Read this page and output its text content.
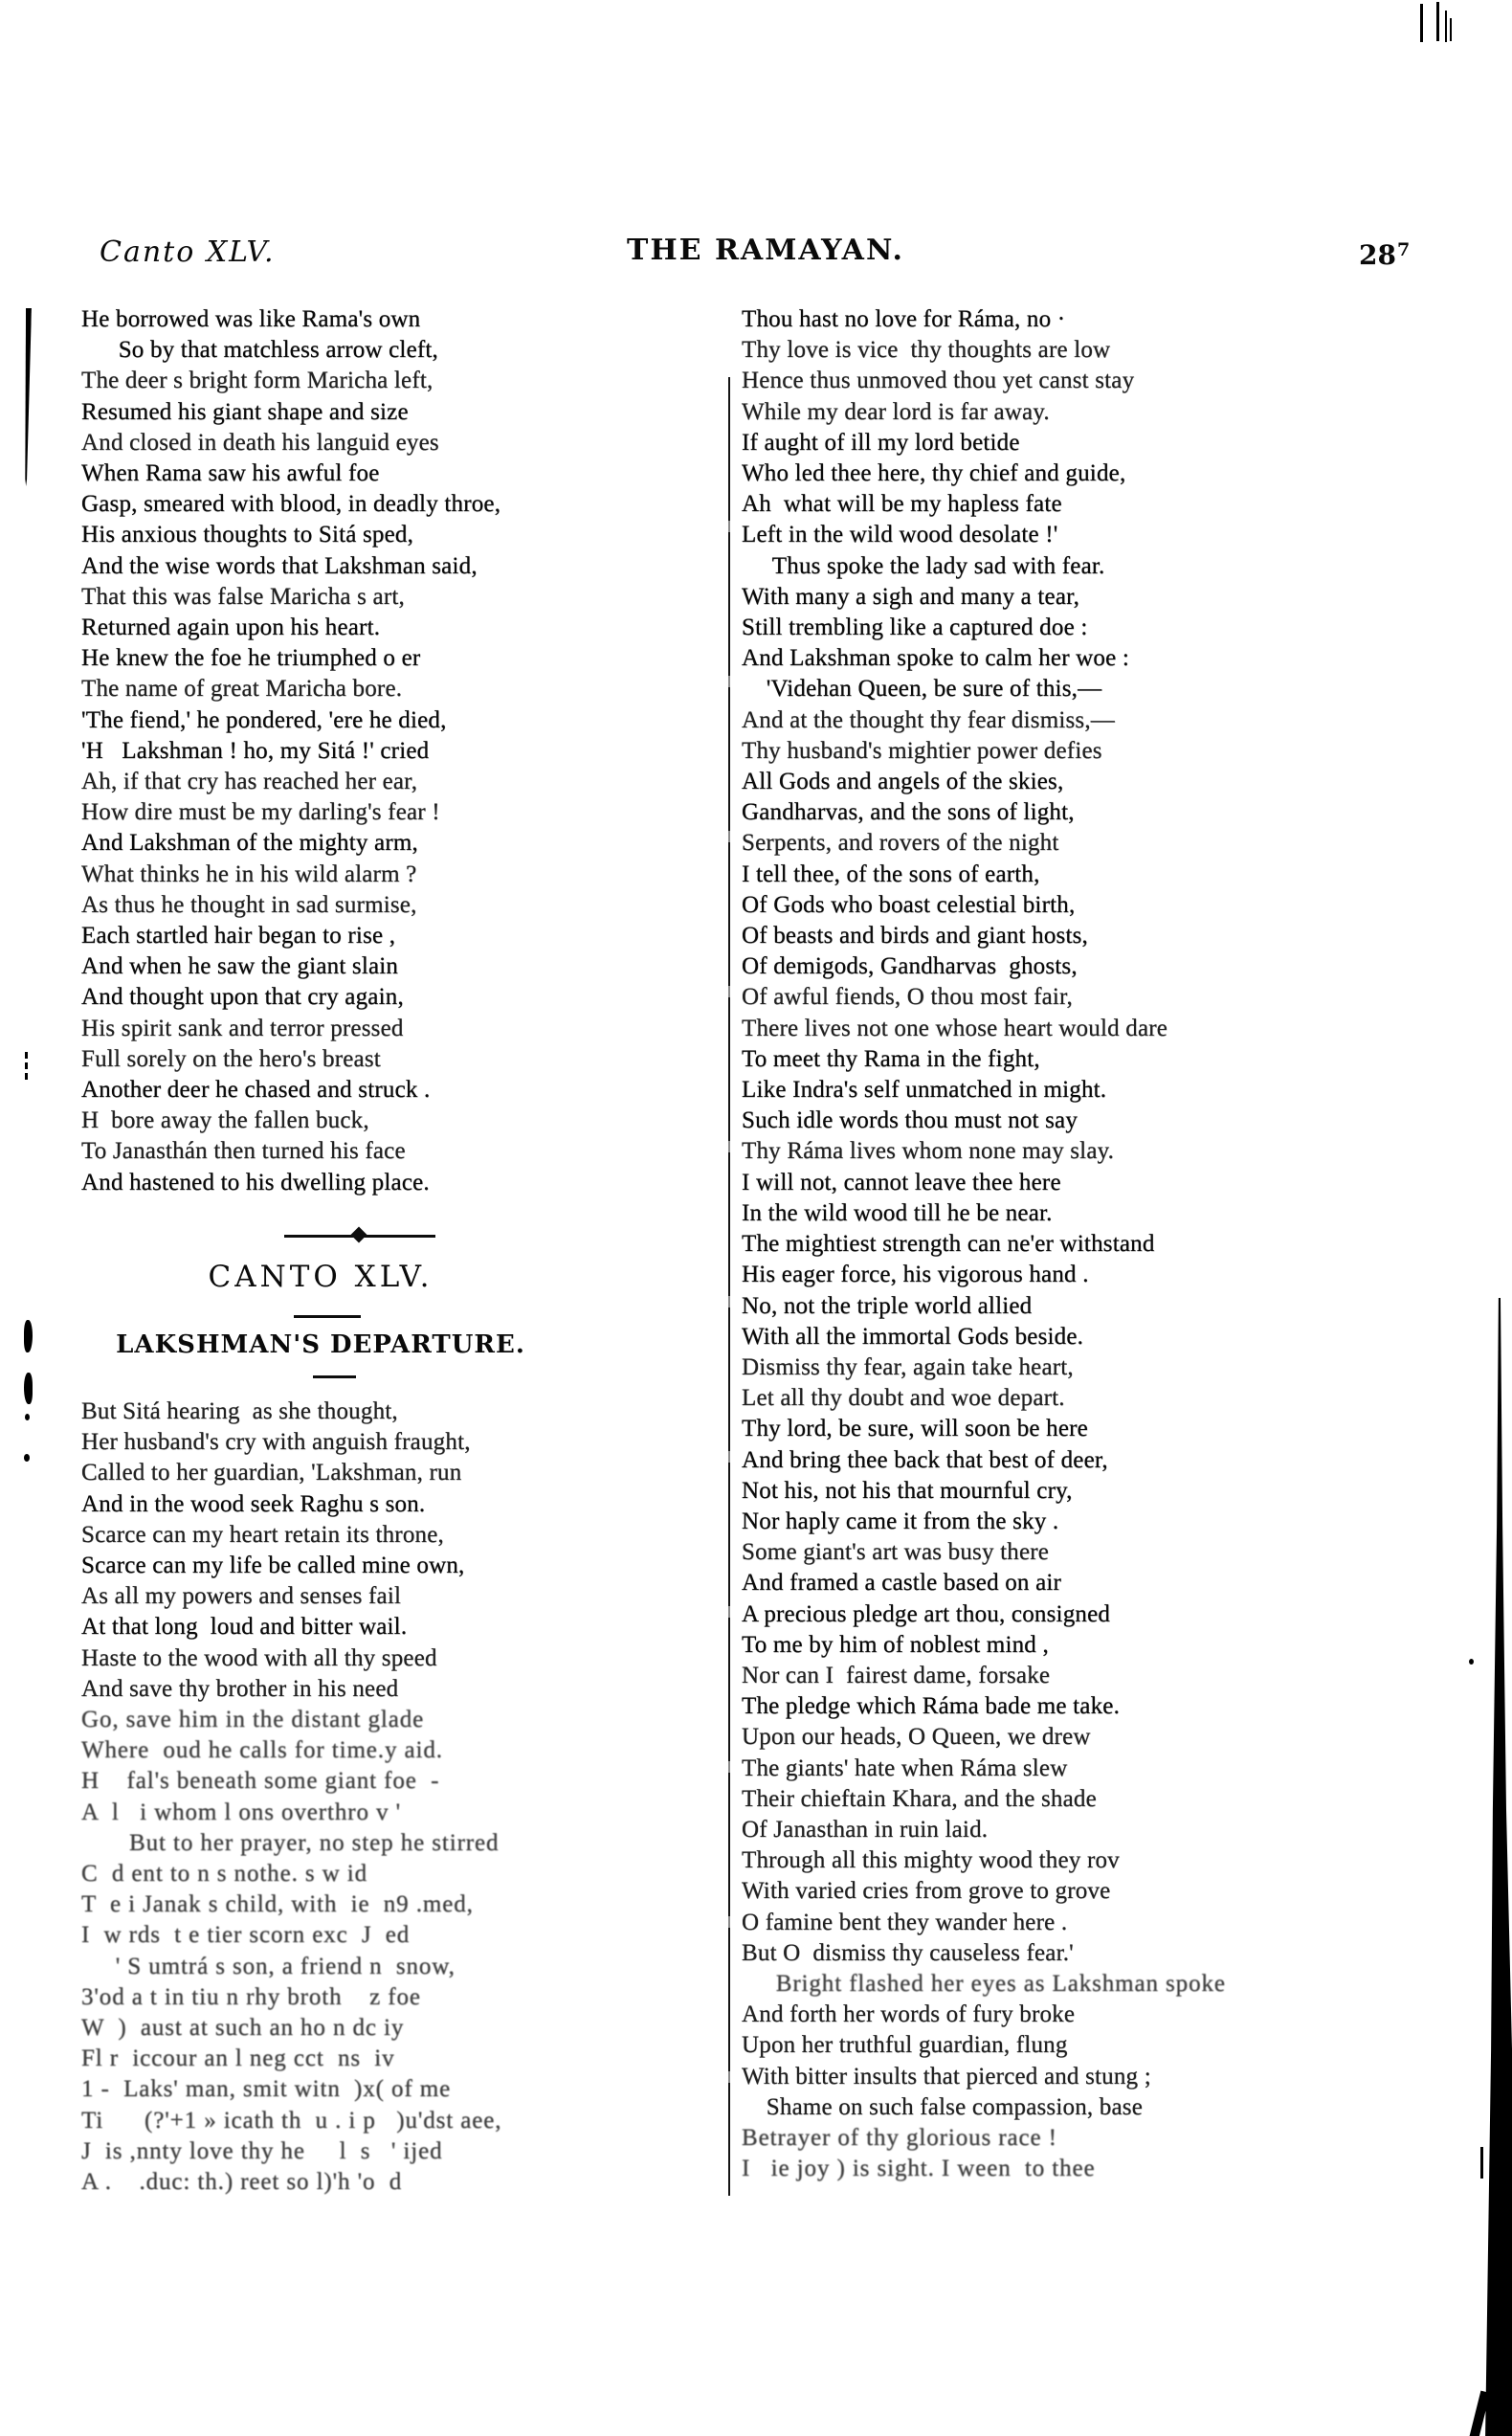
Canto XLV.	THE RAMAYAN.	$28^7$
He borrowed was like Rama's own
So by that matchless arrow cleft,
The deer s bright form Maricha left,
Resumed his giant shape and size
And closed in death his languid eyes
When Rama saw his awful foe
Gasp, smeared with blood, in deadly throe,
His anxious thoughts to Sitá sped,
And the wise words that Lakshman said,
That this was false Maricha s art,
Returned again upon his heart.
He knew the foe he triumphed o er
The name of great Maricha bore.
'The fiend,' he pondered, 'ere he died,
'H   Lakshman ! ho, my Sitá !' cried
Ah, if that cry has reached her ear,
How dire must be my darling's fear !
And Lakshman of the mighty arm,
What thinks he in his wild alarm ?
As thus he thought in sad surmise,
Each startled hair began to rise ,
And when he saw the giant slain
And thought upon that cry again,
His spirit sank and terror pressed
Full sorely on the hero's breast
Another deer he chased and struck .
H  bore away the fallen buck,
To Janasthán then turned his face
And hastened to his dwelling place.
CANTO XLV.
LAKSHMAN'S DEPARTURE.
But Sitá hearing  as she thought,
Her husband's cry with anguish fraught,
Called to her guardian, 'Lakshman, run
And in the wood seek Raghu s son.
Scarce can my heart retain its throne,
Scarce can my life be called mine own,
As all my powers and senses fail
At that long  loud and bitter wail.
Haste to the wood with all thy speed
And save thy brother in his need
Go, save him in the distant glade
Where  oud he calls for time.y aid.
H    fal's beneath some giant foe  -
A  l   i whom l ons overthro v '
But to her prayer, no step he stirred
C  d ent to n s nothe. s w id
T  e i Janak s child, with  ie  n9 .med,
I  w rds  t e tier scorn exc  J  ed
' S umtrá s son, a friend n  snow,
3'od a t in tiu n rhy broth    z foe
W  )  aust at such an ho n dc iy
Fl r  iccour an l neg cct  ns  iv
1 -  Laks' man, smit witn  )x( of me
Ti      (?'+1 » icath th  u . i p   )u'dst aee,
J  is ,nnty love thy he     l  s   ' ijed
A .    .duc: th.) reet so l)'h 'o  d
Thou hast no love for Ráma, no ·
Thy love is vice  thy thoughts are low
Hence thus unmoved thou yet canst stay
While my dear lord is far away.
If aught of ill my lord betide
Who led thee here, thy chief and guide,
Ah  what will be my hapless fate
Left in the wild wood desolate !'
Thus spoke the lady sad with fear.
With many a sigh and many a tear,
Still trembling like a captured doe :
And Lakshman spoke to calm her woe :
'Videhan Queen, be sure of this,—
And at the thought thy fear dismiss,—
Thy husband's mightier power defies
All Gods and angels of the skies,
Gandharvas, and the sons of light,
Serpents, and rovers of the night
I tell thee, of the sons of earth,
Of Gods who boast celestial birth,
Of beasts and birds and giant hosts,
Of demigods, Gandharvas  ghosts,
Of awful fiends, O thou most fair,
There lives not one whose heart would dare
To meet thy Rama in the fight,
Like Indra's self unmatched in might.
Such idle words thou must not say
Thy Ráma lives whom none may slay.
I will not, cannot leave thee here
In the wild wood till he be near.
The mightiest strength can ne'er withstand
His eager force, his vigorous hand .
No, not the triple world allied
With all the immortal Gods beside.
Dismiss thy fear, again take heart,
Let all thy doubt and woe depart.
Thy lord, be sure, will soon be here
And bring thee back that best of deer,
Not his, not his that mournful cry,
Nor haply came it from the sky .
Some giant's art was busy there
And framed a castle based on air
A precious pledge art thou, consigned
To me by him of noblest mind ,
Nor can I  fairest dame, forsake
The pledge which Ráma bade me take.
Upon our heads, O Queen, we drew
The giants' hate when Ráma slew
Their chieftain Khara, and the shade
Of Janasthan in ruin laid.
Through all this mighty wood they rov
With varied cries from grove to grove
O famine bent they wander here .
But O  dismiss thy causeless fear.'
Bright flashed her eyes as Lakshman spoke
And forth her words of fury broke
Upon her truthful guardian, flung
With bitter insults that pierced and stung ;
Shame on such false compassion, base
Betrayer of thy glorious race !
I   ie joy ) is sight. I ween  to thee
